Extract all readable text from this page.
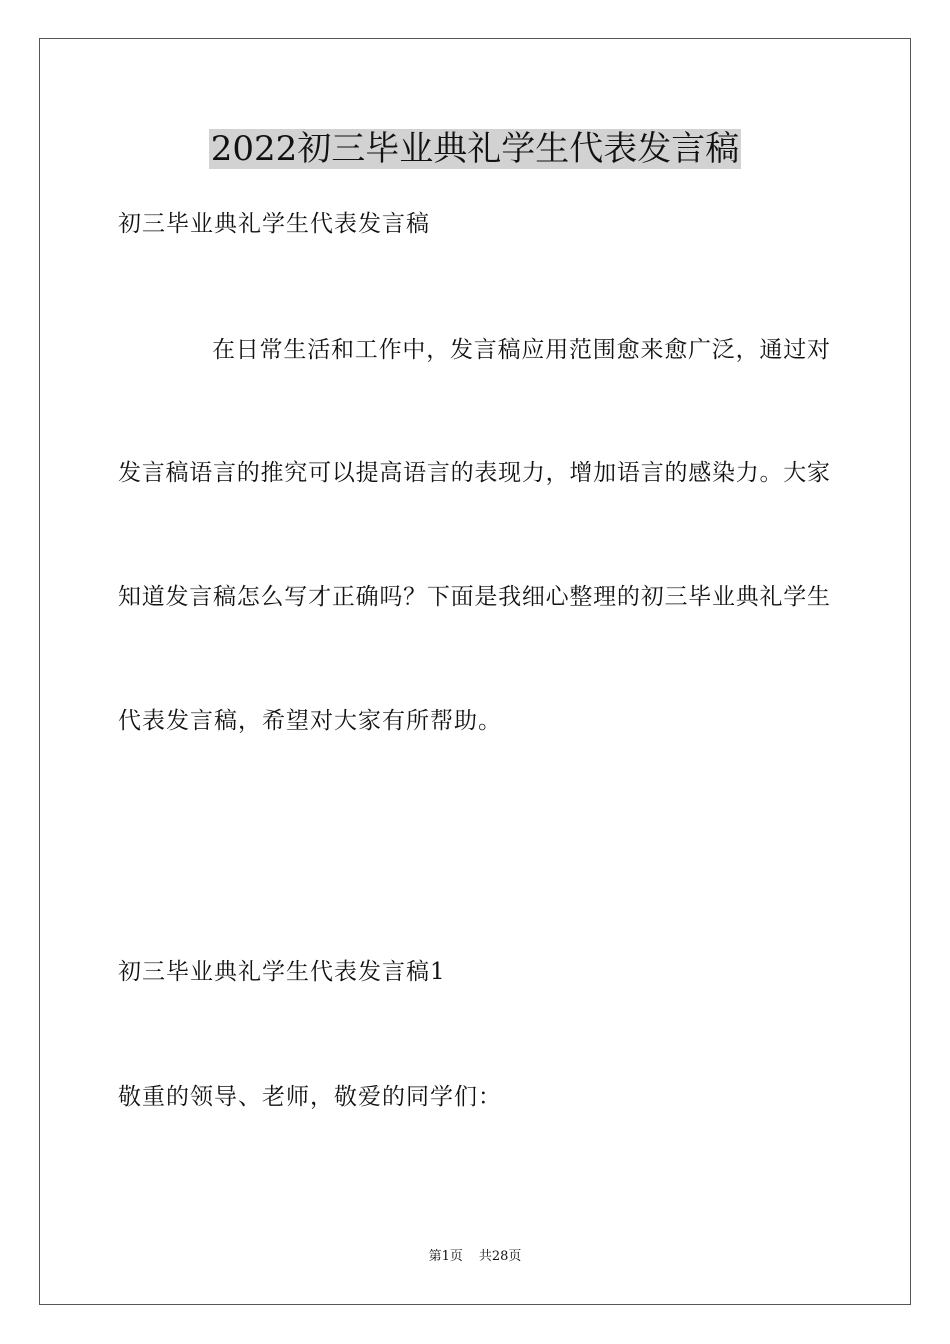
2022初三毕业典礼学生代表发言稿

初三毕业典礼学生代表发言稿

在日常生活和工作中，发言稿应用范围愈来愈广泛，通过对

发言稿语言的推究可以提高语言的表现力，增加语言的感染力。大家

知道发言稿怎么写才正确吗？下面是我细心整理的初三毕业典礼学生

代表发言稿，希望对大家有所帮助。

初三毕业典礼学生代表发言稿1

敬重的领导、老师，敬爱的同学们：

第1页 共28页
